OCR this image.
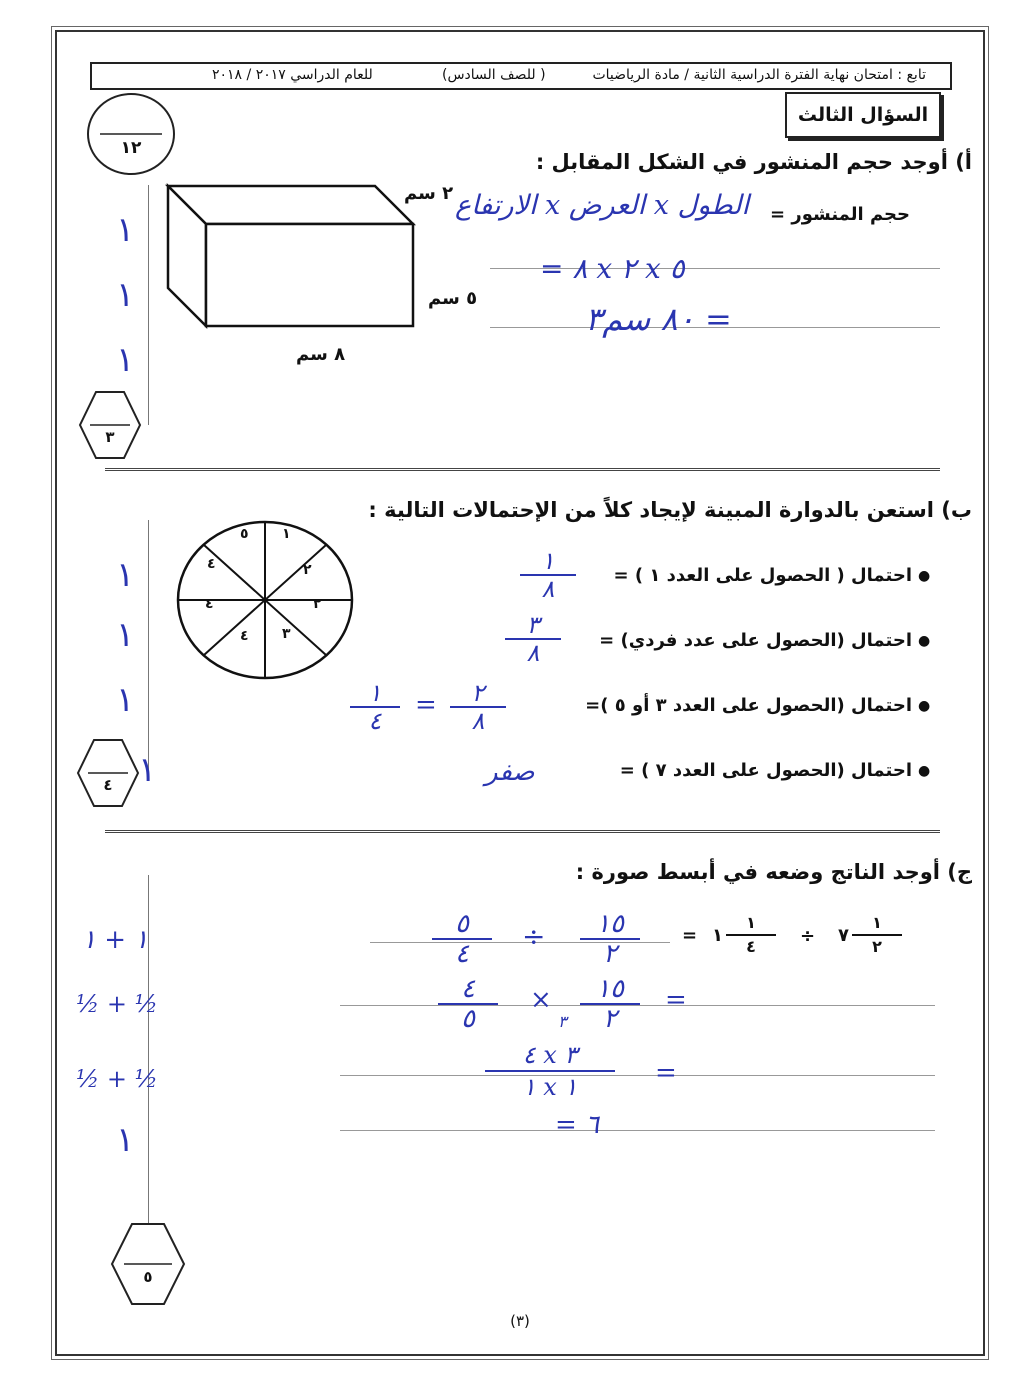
تابع : امتحان نهاية الفترة الدراسية الثانية / مادة الرياضيات
( للصف السادس)
للعام الدراسي ٢٠١٧ / ٢٠١٨
السؤال الثالث
١٢
أ) أوجد حجم المنشور في الشكل المقابل :
٢ سم
٥ سم
٨ سم
حجم المنشور =
الطول x العرض x الارتفاع
= ٨ x ٢ x ٥
= ٨٠ سم٣
١
١
١
٣
ب) استعن بالدوارة المبينة لإيجاد كلاً من الإحتمالات التالية :
١
٢
٢
٣
٤
٤
٤
٥
احتمال ( الحصول على العدد ١ ) =
احتمال (الحصول على عدد فردي) =
احتمال (الحصول على العدد ٣ أو ٥ )=
احتمال (الحصول على العدد ٧ ) =
●
●
●
●
١
٨
٣
٨
٢
٨
=
١
٤
صفر
١
١
١
١
٤
ج) أوجد الناتج وضعه في أبسط صورة :
٧
١
٢
÷
١
١
٤
=
١٥
٢
÷
٥
٤
=
١٥
٢
٣
×
٤
٥
=
٣ x ٤
١ x ١
= ٦
١ + ١
½ + ½
½ + ½
١
٥
(٣)
